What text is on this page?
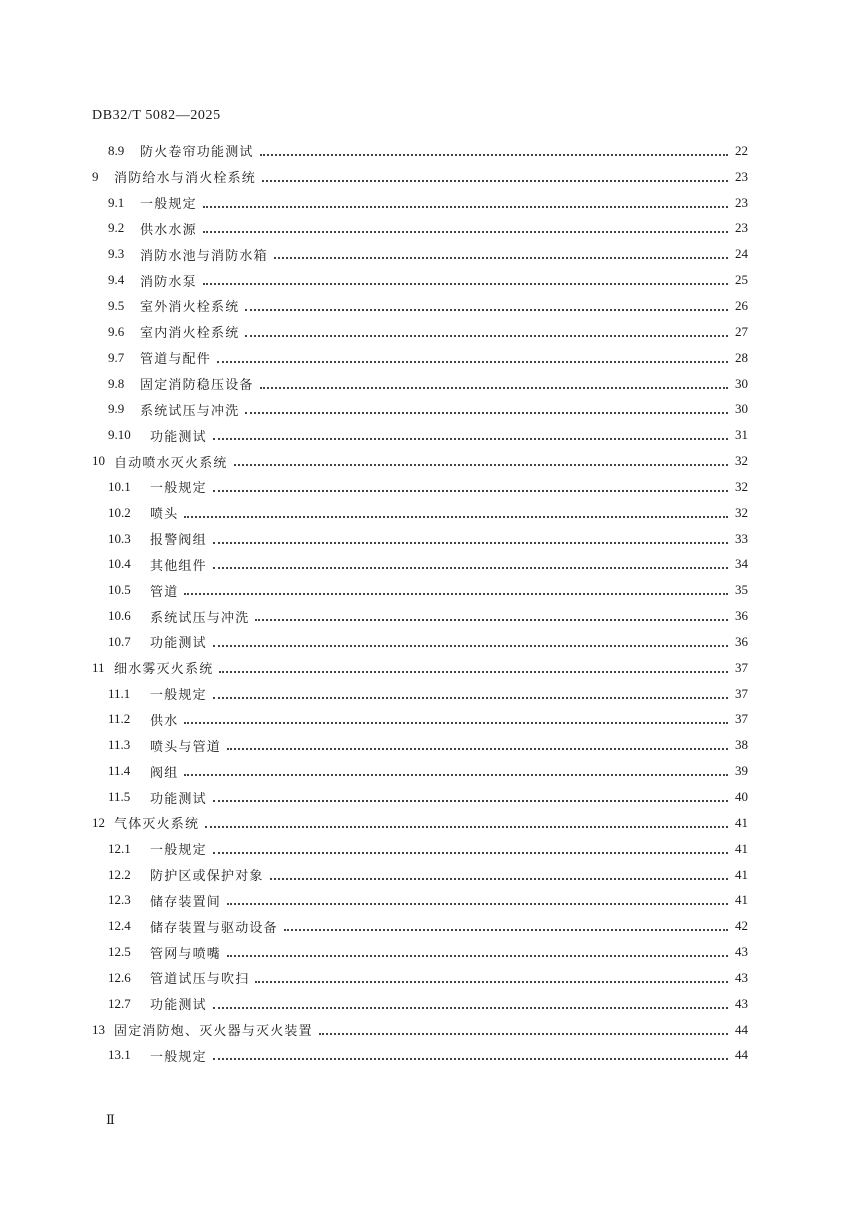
DB32/T 5082—2025
8.9	防火卷帘功能测试	22
9	消防给水与消火栓系统	23
9.1	一般规定	23
9.2	供水水源	23
9.3	消防水池与消防水箱	24
9.4	消防水泵	25
9.5	室外消火栓系统	26
9.6	室内消火栓系统	27
9.7	管道与配件	28
9.8	固定消防稳压设备	30
9.9	系统试压与冲洗	30
9.10	功能测试	31
10 自动喷水灭火系统	32
10.1	一般规定	32
10.2	喷头	32
10.3	报警阀组	33
10.4	其他组件	34
10.5	管道	35
10.6	系统试压与冲洗	36
10.7	功能测试	36
11 细水雾灭火系统	37
11.1	一般规定	37
11.2	供水	37
11.3	喷头与管道	38
11.4	阀组	39
11.5	功能测试	40
12 气体灭火系统	41
12.1	一般规定	41
12.2	防护区或保护对象	41
12.3	储存装置间	41
12.4	储存装置与驱动设备	42
12.5	管网与喷嘴	43
12.6	管道试压与吹扫	43
12.7	功能测试	43
13 固定消防炮、灭火器与灭火装置	44
13.1	一般规定	44
Ⅱ
